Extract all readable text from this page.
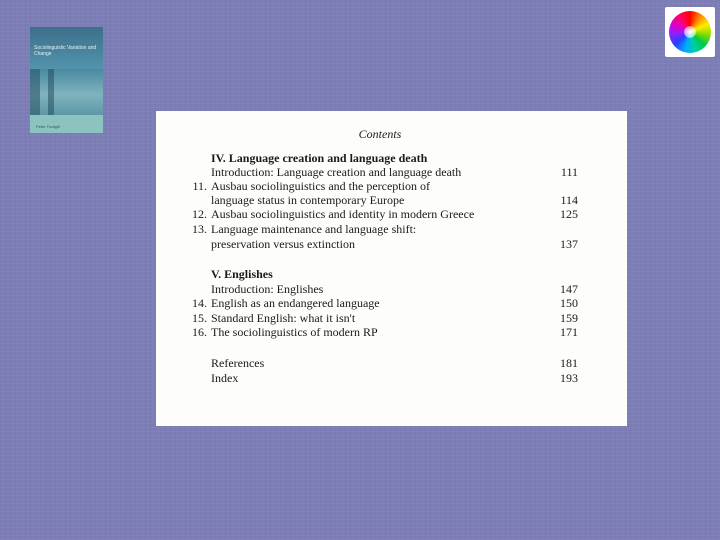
Sociolinguistic Variation and Change
Peter Trudgill
Contents
IV. Language creation and language death
Introduction: Language creation and language death	111
11. Ausbau sociolinguistics and the perception of
language status in contemporary Europe	114
12. Ausbau sociolinguistics and identity in modern Greece	125
13. Language maintenance and language shift:
preservation versus extinction	137
V. Englishes
Introduction: Englishes	147
14. English as an endangered language	150
15. Standard English: what it isn't	159
16. The sociolinguistics of modern RP	171
References	181
Index	193
